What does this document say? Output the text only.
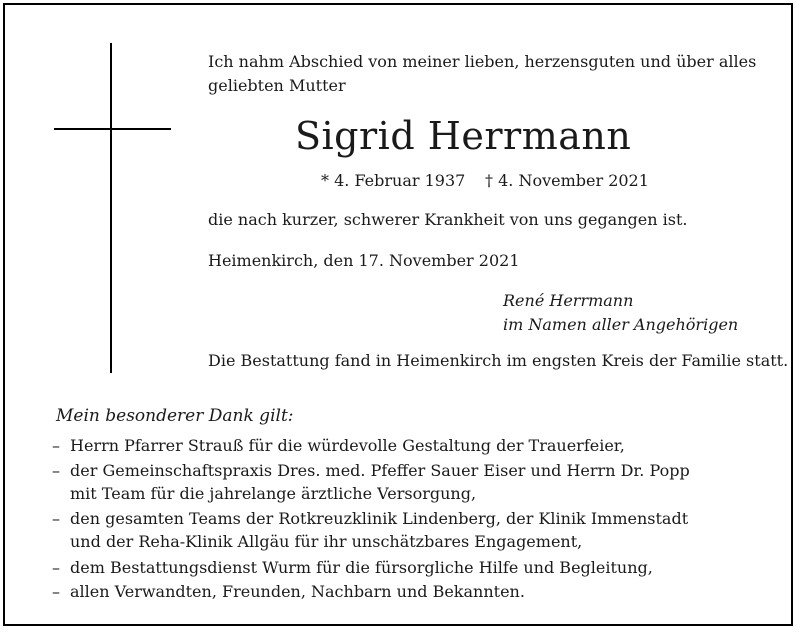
Ich nahm Abschied von meiner lieben, herzensguten und über alles
geliebten Mutter
Sigrid Herrmann
* 4. Februar 1937 † 4. November 2021
die nach kurzer, schwerer Krankheit von uns gegangen ist.
Heimenkirch, den 17. November 2021
René Herrmann
im Namen aller Angehörigen
Die Bestattung fand in Heimenkirch im engsten Kreis der Familie statt.
Mein besonderer Dank gilt:
– Herrn Pfarrer Strauß für die würdevolle Gestaltung der Trauerfeier,
– der Gemeinschaftspraxis Dres. med. Pfeffer Sauer Eiser und Herrn Dr. Popp
mit Team für die jahrelange ärztliche Versorgung,
– den gesamten Teams der Rotkreuzklinik Lindenberg, der Klinik Immenstadt
und der Reha-Klinik Allgäu für ihr unschätzbares Engagement,
– dem Bestattungsdienst Wurm für die fürsorgliche Hilfe und Begleitung,
– allen Verwandten, Freunden, Nachbarn und Bekannten.
